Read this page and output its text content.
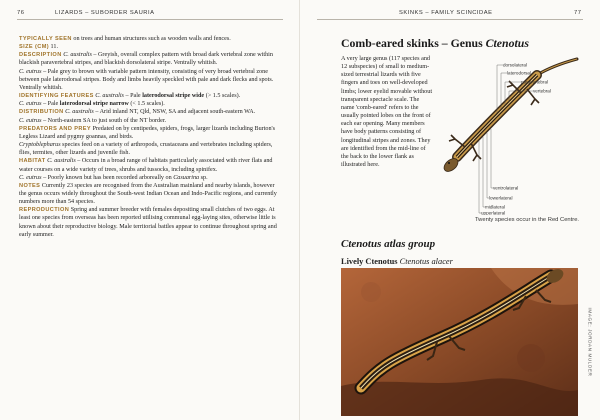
76	LIZARDS – SUBORDER SAURIA

TYPICALLY SEEN on trees and human structures such as wooden walls and fences.

SIZE (CM) 11.

DESCRIPTION C. australis – Greyish, overall complex pattern with broad dark vertebral zone within blackish paravertebral stripes, and blackish dorsolateral stripe. Ventrally whitish.
C. eutrus – Pale grey to brown with variable pattern intensity, consisting of very broad vertebral zone between pale laterodorsal stripes. Body and limbs heavily speckled with pale and dark flecks and spots. Ventrally whitish.

IDENTIFYING FEATURES C. australis – Pale laterodorsal stripe wide (> 1.5 scales).
C. eutrus – Pale laterodorsal stripe narrow (< 1.5 scales).

DISTRIBUTION C. australis – Arid inland NT, Qld, NSW, SA and adjacent south-eastern WA.
C. eutrus – North-eastern SA to just south of the NT border.

PREDATORS AND PREY Predated on by centipedes, spiders, frogs, larger lizards including Burton's Legless Lizard and pygmy goannas, and birds.
Cryptoblepharus species feed on a variety of arthropods, crustaceans and vertebrates including spiders, flies, termites, other lizards and juvenile fish.

HABITAT C. australis – Occurs in a broad range of habitats particularly associated with river flats and water courses on a wide variety of trees, shrubs and tussocks, including spinifex.
C. eutrus – Poorly known but has been recorded arboreally on Casuarina sp.

NOTES Currently 23 species are recognised from the Australian mainland and nearby islands, however the genus occurs widely throughout the South-west Indian Ocean and Indo-Pacific regions, and currently numbers more than 54 species.

REPRODUCTION Spring and summer breeder with females depositing small clutches of two eggs. At least one species from overseas has been reported utilising communal egg-laying sites, otherwise little is known about their reproductive biology. Male territorial battles appear to continue throughout spring and early summer.

SKINKS – FAMILY SCINCIDAE	77
Comb-eared skinks – Genus Ctenotus

A very large genus (117 species and 12 subspecies) of small to medium-sized terrestrial lizards with five fingers and toes on well-developed limbs; lower eyelid movable without transparent spectacle scale. The name 'comb-eared' refers to the usually pointed lobes on the front of each ear opening. Many members have body patterns consisting of longitudinal stripes and zones. They are identified from the mid-line of the back to the lower flank as illustrated here.

dorsolateral
laterodorsal
paravertebral
vertebral
ventrolateral
lowerlateral
midlateral
upperlateral
Twenty species occur in the Red Centre.
Ctenotus atlas group
Lively Ctenotus Ctenotus alacer
IMAGE: JORDAN MULDER
